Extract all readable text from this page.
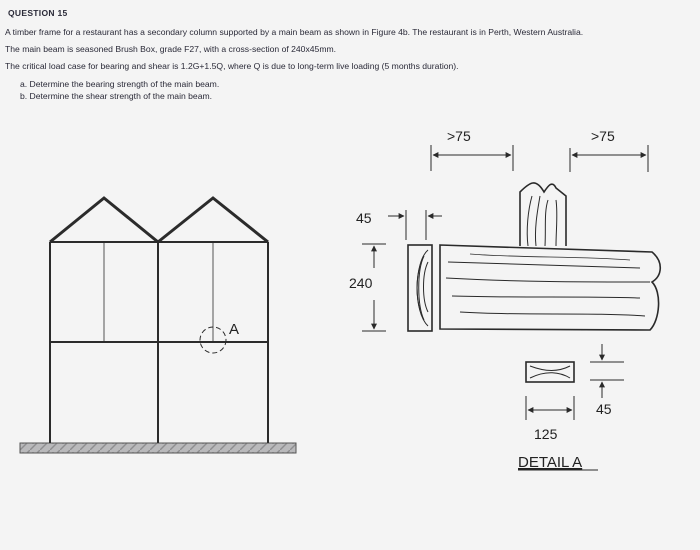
QUESTION 15
A timber frame for a restaurant has a secondary column supported by a main beam as shown in Figure 4b. The restaurant is in Perth, Western Australia.
The main beam is seasoned Brush Box, grade F27, with a cross-section of 240x45mm.
The critical load case for bearing and shear is 1.2G+1.5Q, where Q is due to long-term live loading (5 months duration).
a. Determine the bearing strength of the main beam.
b. Determine the shear strength of the main beam.
A
>75	>75
45
240
45
125
DETAIL A
